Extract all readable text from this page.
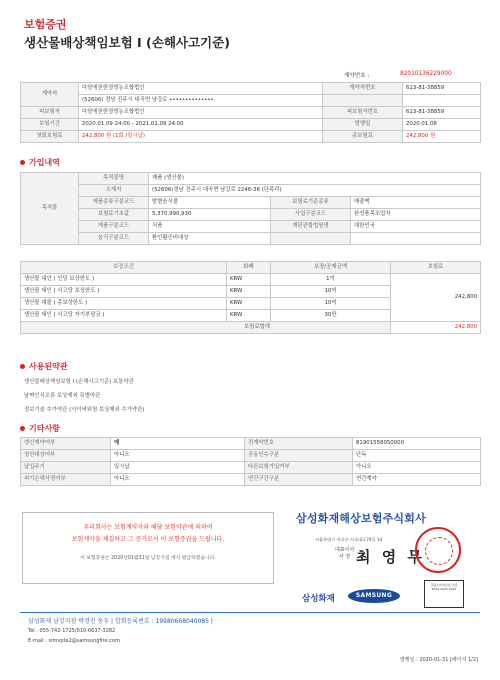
보험증권
생산물배상책임보험 I (손해사고기준)
계약번호 :	82010136229000
계약자	다담에천한경영농조합법인	계약자번호	613-81-38859
	(52606) 경남 진주시 대곡면 남강로 ••••••••••••••		
피보험자	다담에천한경영농조합법인	피보험자번호	613-81-38859
보험기간	2020.01.09 24:00 - 2021.01.09 24:00	발행일	2020.01.08
첫회보험료	242,800 원 (1회 /일시납)	총보험료	242,800 원
가입내역
목적물	목적물명	제품 (생산물)		
	소재지	(52606)경남 진주시 대곡면 남강로 2246-36 (단목리)		
	제품종류구분코드	발변음식물	보험료기준종류	매출액
	보험료기초값	5,370,990,930	사업구분코드	완성품목조업자
	제품구분코드	식품	재판관할법원명	대한민국
	음식구분코드	환인활증비대상		
보장조건	화폐	보장/공제금액	보험료
생산물 대인 ( 인당 보상한도 )	KRW	1억	242,800
생산물 대인 ( 사고당 보상한도 )	KRW	10억	
생산물 대물 ( 총보상한도 )	KRW	10억	
생산물 대인 ( 사고당 자기부담금 )	KRW	30만	
보험료합계			242,800
사용된약관
생산물배상책임보험 I (손해사고기준) 보통약관
날짜인식오류 보상제외 특별약관
정보기술 추가약관 (사이버위험 보상제외 추가약관)
기타사항
갱신계약여부	예	전계약번호	81901558050000
청산대상여부	아니오	공동인수구분	단독
납입주기	일시납	다른보험가입여부	아니오
피기손해사정여부	아니오	연간구간구분	연간계약
우리회사는 보험계약자와 해당 보험약관에 의하여
보험계약을 체결하고 그 증거로서 이 보험증권을 드립니다.
이 보험증권은 2020년01월31일 남강지점 에서 발급하였습니다.
삼성화재해상보험주식회사
서울특별시 서초구 서초대로74길 14
대표이사
사 장 최 영 무
삼성화재	SAMSUNG
금융소비자보호 인증 2019 2020 2021
삼성화재 남강지점 박경진 동우 | 합회등록번호 : 19980668040085 |
Tel : 055-742-1725/010-6637-3282
E-mail : simvpte2@samsungfire.com
발행일 : 2020-01-31 [페이지 1/2]
